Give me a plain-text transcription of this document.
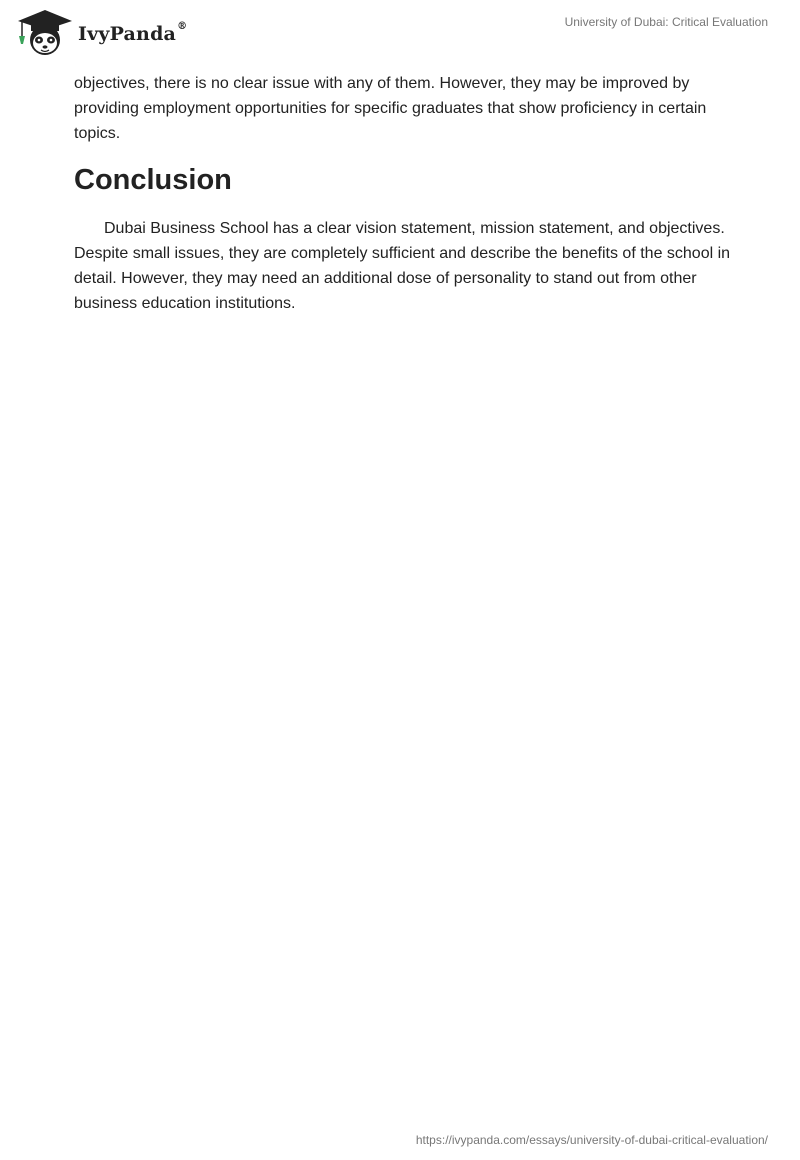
IvyPanda®	University of Dubai: Critical Evaluation

objectives, there is no clear issue with any of them. However, they may be improved by providing employment opportunities for specific graduates that show proficiency in certain topics.

Conclusion

Dubai Business School has a clear vision statement, mission statement, and objectives. Despite small issues, they are completely sufficient and describe the benefits of the school in detail. However, they may need an additional dose of personality to stand out from other business education institutions.

https://ivypanda.com/essays/university-of-dubai-critical-evaluation/
